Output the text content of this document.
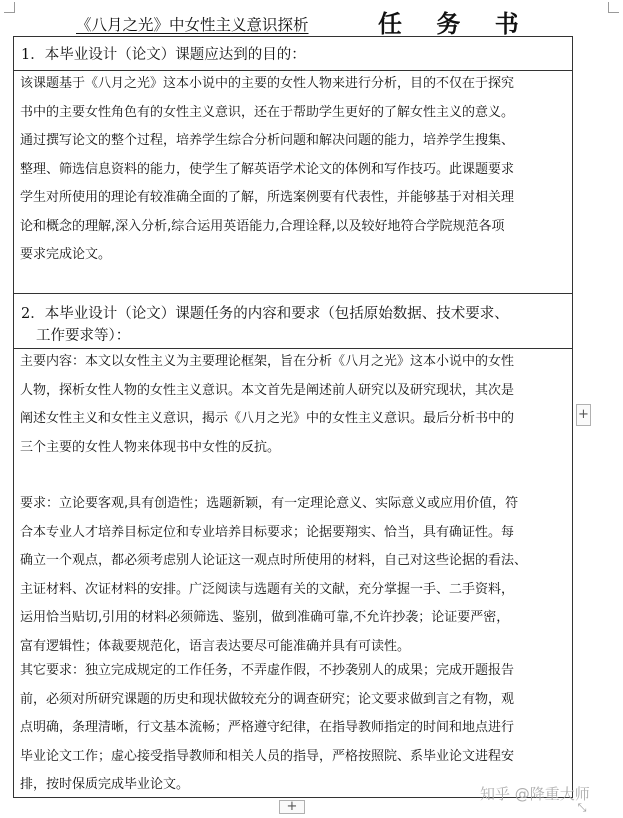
《八月之光》中女性主义意识探析	任 务 书
1．本毕业设计（论文）课题应达到的目的：
该课题基于《八月之光》这本小说中的主要的女性人物来进行分析，目的不仅在于探究
书中的主要女性角色有的女性主义意识，还在于帮助学生更好的了解女性主义的意义。
通过撰写论文的整个过程，培养学生综合分析问题和解决问题的能力，培养学生搜集、
整理、筛选信息资料的能力，使学生了解英语学术论文的体例和写作技巧。此课题要求
学生对所使用的理论有较准确全面的了解，所选案例要有代表性，并能够基于对相关理
论和概念的理解,深入分析,综合运用英语能力,合理诠释,以及较好地符合学院规范各项
要求完成论文。
2．本毕业设计（论文）课题任务的内容和要求（包括原始数据、技术要求、
工作要求等）：
主要内容：本文以女性主义为主要理论框架，旨在分析《八月之光》这本小说中的女性
人物，探析女性人物的女性主义意识。本文首先是阐述前人研究以及研究现状，其次是
阐述女性主义和女性主义意识，揭示《八月之光》中的女性主义意识。最后分析书中的
三个主要的女性人物来体现书中女性的反抗。
要求：立论要客观,具有创造性；选题新颖，有一定理论意义、实际意义或应用价值，符
合本专业人才培养目标定位和专业培养目标要求；论据要翔实、恰当，具有确证性。每
确立一个观点，都必须考虑别人论证这一观点时所使用的材料，自己对这些论据的看法、
主证材料、次证材料的安排。广泛阅读与选题有关的文献，充分掌握一手、二手资料，
运用恰当贴切,引用的材料必须筛选、鉴别，做到准确可靠,不允许抄袭；论证要严密，
富有逻辑性；体裁要规范化，语言表达要尽可能准确并具有可读性。
其它要求：独立完成规定的工作任务，不弄虚作假，不抄袭别人的成果；完成开题报告
前，必须对所研究课题的历史和现状做较充分的调查研究；论文要求做到言之有物，观
点明确，条理清晰，行文基本流畅；严格遵守纪律，在指导教师指定的时间和地点进行
毕业论文工作；虚心接受指导教师和相关人员的指导，严格按照院、系毕业论文进程安
排，按时保质完成毕业论文。
+
+	⤡
知乎 @降重大师
